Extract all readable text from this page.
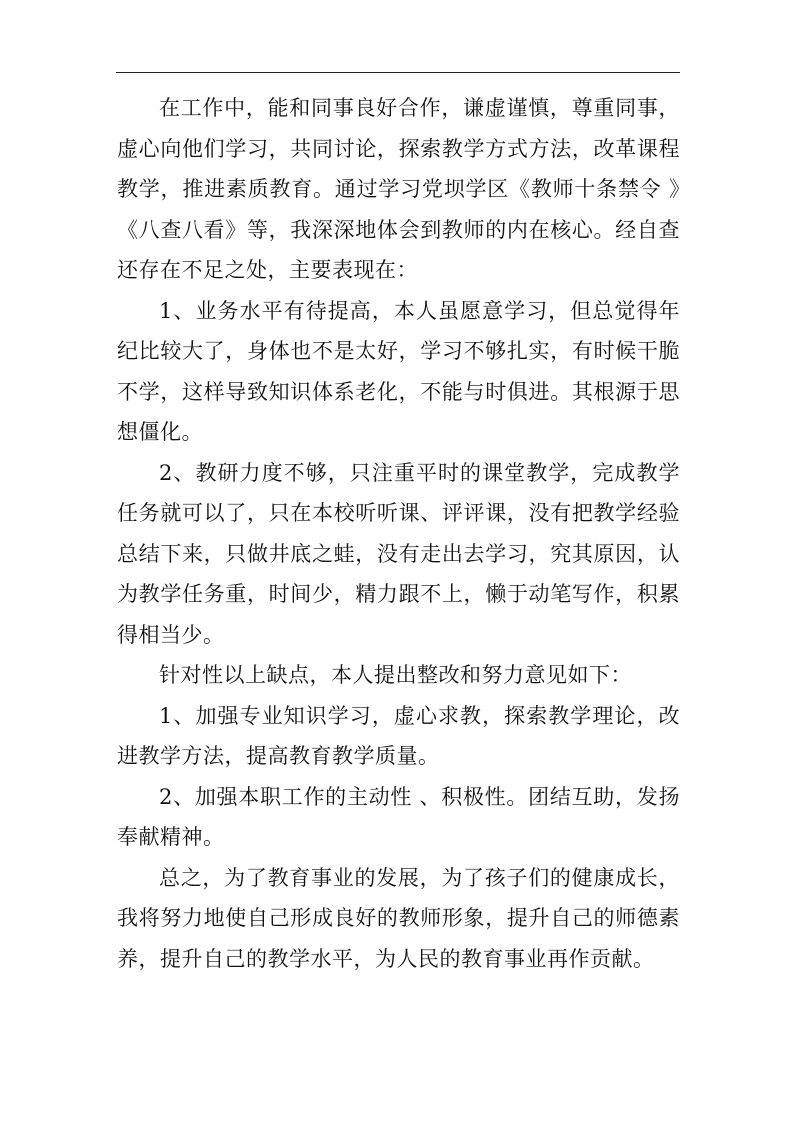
在工作中，能和同事良好合作，谦虚谨慎，尊重同事，虚心向他们学习，共同讨论，探索教学方式方法，改革课程教学，推进素质教育。通过学习党坝学区《教师十条禁令 》《八查八看》等，我深深地体会到教师的内在核心。经自查还存在不足之处，主要表现在：

1、业务水平有待提高，本人虽愿意学习，但总觉得年纪比较大了，身体也不是太好，学习不够扎实，有时候干脆不学，这样导致知识体系老化，不能与时俱进。其根源于思想僵化。

2、教研力度不够，只注重平时的课堂教学，完成教学任务就可以了，只在本校听听课、评评课，没有把教学经验总结下来，只做井底之蛙，没有走出去学习，究其原因，认为教学任务重，时间少，精力跟不上，懒于动笔写作，积累得相当少。

针对性以上缺点，本人提出整改和努力意见如下：

1、加强专业知识学习，虚心求教，探索教学理论，改进教学方法，提高教育教学质量。

2、加强本职工作的主动性 、积极性。团结互助，发扬奉献精神。

总之，为了教育事业的发展，为了孩子们的健康成长，我将努力地使自己形成良好的教师形象，提升自己的师德素养，提升自己的教学水平，为人民的教育事业再作贡献。
